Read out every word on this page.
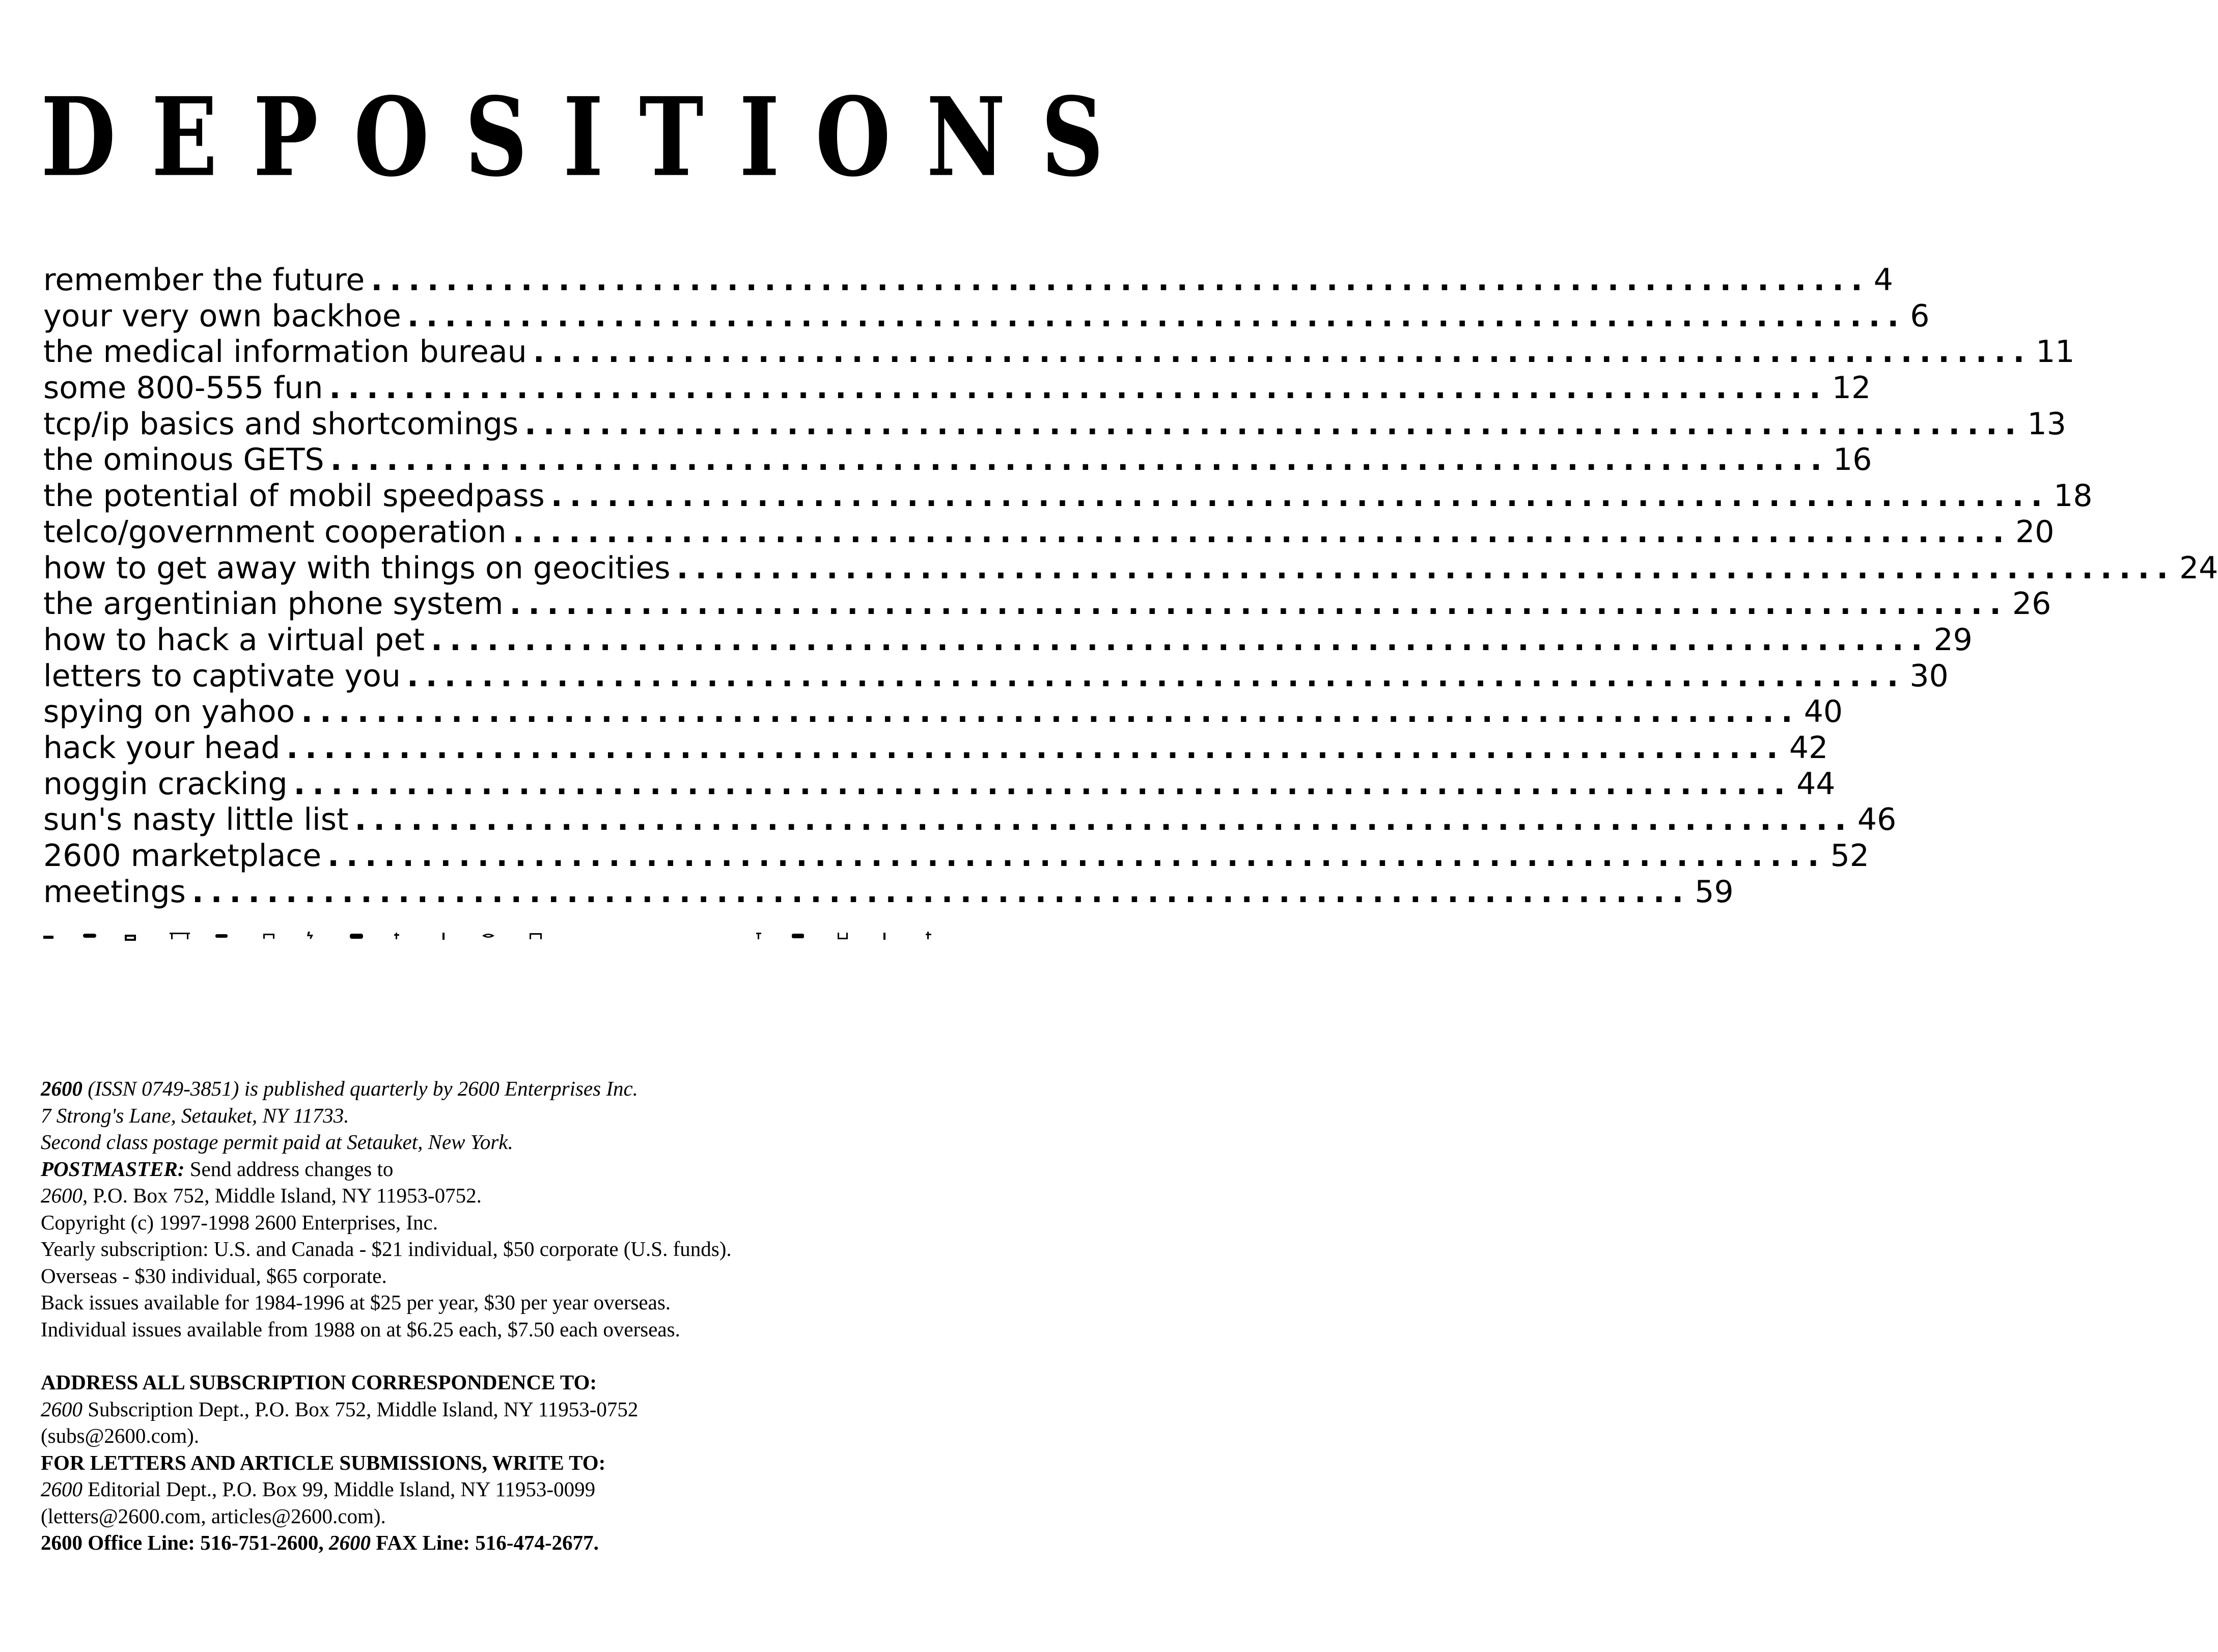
DEPOSITIONS
remember the future ................................................................................ 4
your very own backhoe ................................................................................ 6
the medical information bureau ................................................................................ 11
some 800-555 fun ................................................................................ 12
tcp/ip basics and shortcomings ................................................................................ 13
the ominous GETS ................................................................................ 16
the potential of mobil speedpass ................................................................................ 18
telco/government cooperation ................................................................................ 20
how to get away with things on geocities ................................................................................ 24
the argentinian phone system ................................................................................ 26
how to hack a virtual pet ................................................................................ 29
letters to captivate you ................................................................................ 30
spying on yahoo ................................................................................ 40
hack your head ................................................................................ 42
noggin cracking ................................................................................ 44
sun's nasty little list ................................................................................ 46
2600 marketplace ................................................................................ 52
meetings ................................................................................ 59
2600 (ISSN 0749-3851) is published quarterly by 2600 Enterprises Inc.
7 Strong's Lane, Setauket, NY 11733.
Second class postage permit paid at Setauket, New York.
POSTMASTER: Send address changes to
2600, P.O. Box 752, Middle Island, NY 11953-0752.
Copyright (c) 1997-1998 2600 Enterprises, Inc.
Yearly subscription: U.S. and Canada - $21 individual, $50 corporate (U.S. funds).
Overseas - $30 individual, $65 corporate.
Back issues available for 1984-1996 at $25 per year, $30 per year overseas.
Individual issues available from 1988 on at $6.25 each, $7.50 each overseas.
ADDRESS ALL SUBSCRIPTION CORRESPONDENCE TO:
2600 Subscription Dept., P.O. Box 752, Middle Island, NY 11953-0752
(subs@2600.com).
FOR LETTERS AND ARTICLE SUBMISSIONS, WRITE TO:
2600 Editorial Dept., P.O. Box 99, Middle Island, NY 11953-0099
(letters@2600.com, articles@2600.com).
2600 Office Line: 516-751-2600, 2600 FAX Line: 516-474-2677.
